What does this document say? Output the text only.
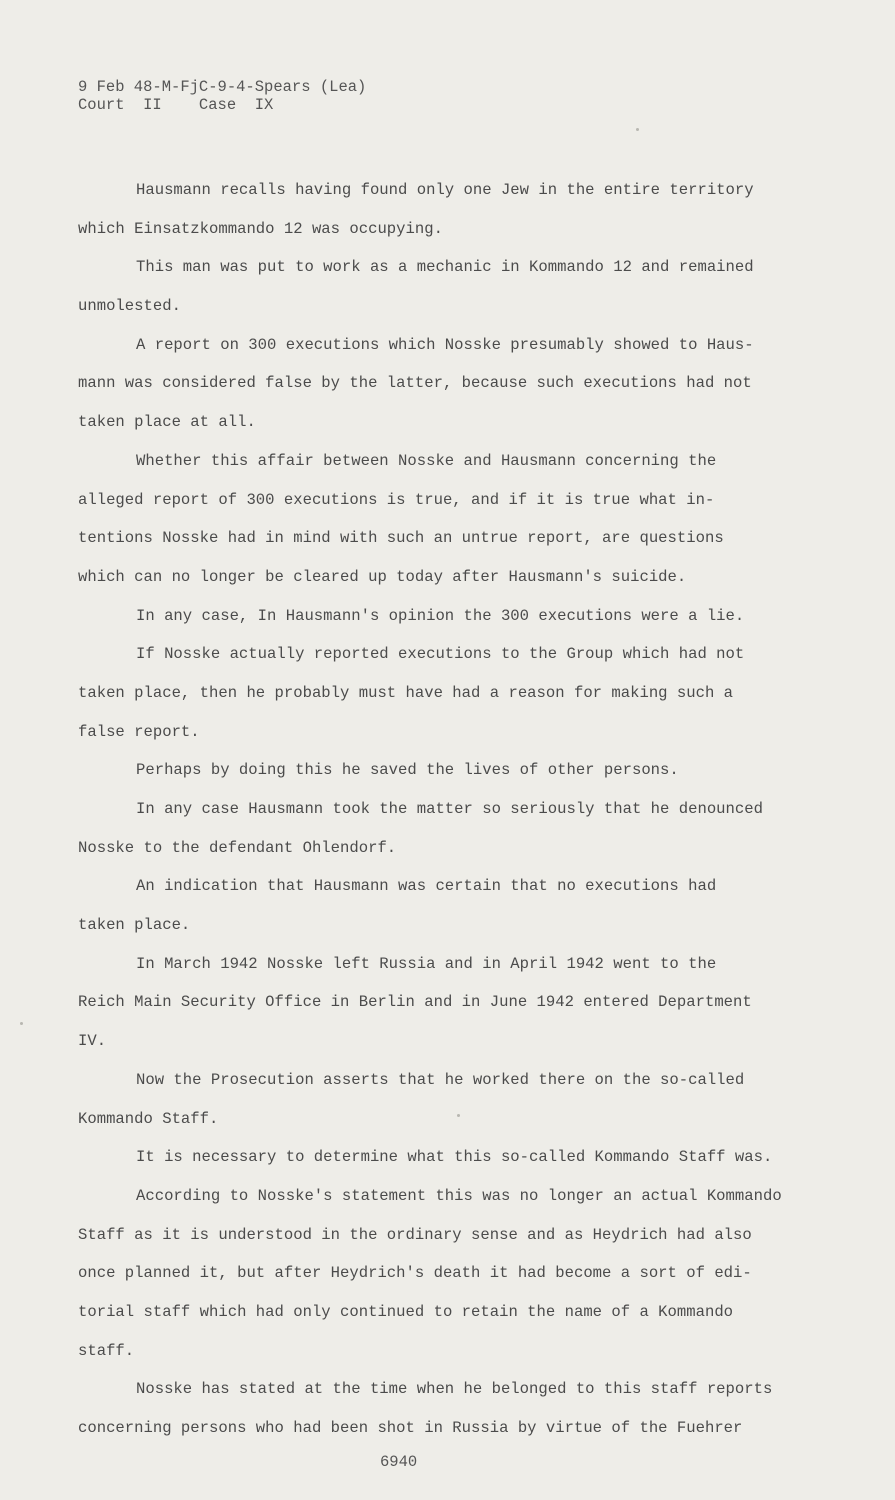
9 Feb 48-M-FjC-9-4-Spears (Lea)
Court  II    Case  IX
Hausmann recalls having found only one Jew in the entire territory
which Einsatzkommando 12 was occupying.
This man was put to work as a mechanic in Kommando 12 and remained
unmolested.
A report on 300 executions which Nosske presumably showed to Haus-
mann was considered false by the latter, because such executions had not
taken place at all.
Whether this affair between Nosske and Hausmann concerning the
alleged report of 300 executions is true, and if it is true what in-
tentions Nosske had in mind with such an untrue report, are questions
which can no longer be cleared up today after Hausmann's suicide.
In any case, In Hausmann's opinion the 300 executions were a lie.
If Nosske actually reported executions to the Group which had not
taken place, then he probably must have had a reason for making such a
false report.
Perhaps by doing this he saved the lives of other persons.
In any case Hausmann took the matter so seriously that he denounced
Nosske to the defendant Ohlendorf.
An indication that Hausmann was certain that no executions had
taken place.
In March 1942 Nosske left Russia and in April 1942 went to the
Reich Main Security Office in Berlin and in June 1942 entered Department
IV.
Now the Prosecution asserts that he worked there on the so-called
Kommando Staff.
It is necessary to determine what this so-called Kommando Staff was.
According to Nosske's statement this was no longer an actual Kommando
Staff as it is understood in the ordinary sense and as Heydrich had also
once planned it, but after Heydrich's death it had become a sort of edi-
torial staff which had only continued to retain the name of a Kommando
staff.
Nosske has stated at the time when he belonged to this staff reports
concerning persons who had been shot in Russia by virtue of the Fuehrer
6940
